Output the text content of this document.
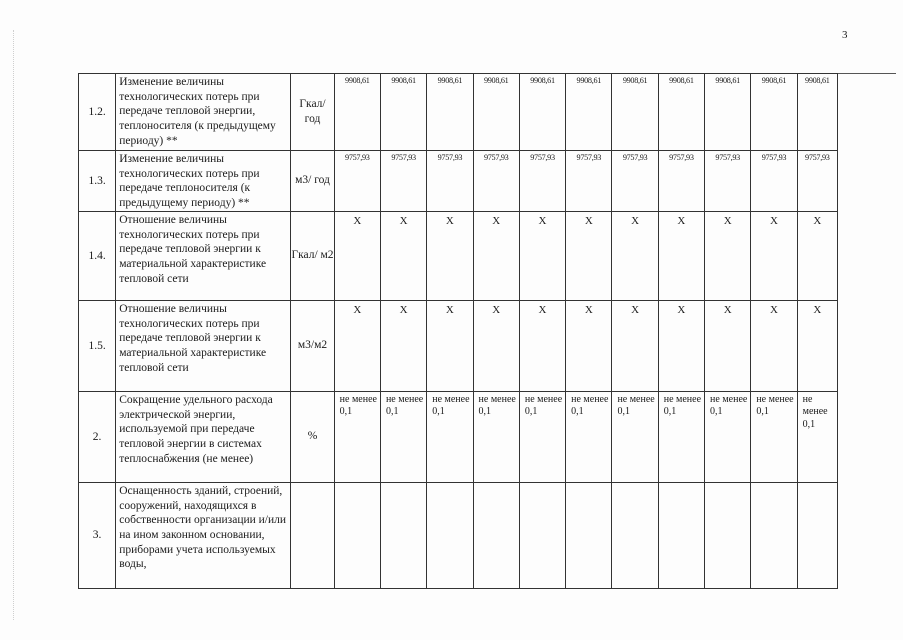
3
1.2.	Изменение величины технологических потерь при передаче тепловой энергии, теплоносителя (к предыдущему периоду) **	Гкал/ год	9908,61	9908,61	9908,61	9908,61	9908,61	9908,61	9908,61	9908,61	9908,61	9908,61	9908,61
1.3.	Изменение величины технологических потерь при передаче теплоносителя (к предыдущему периоду) **	м3/ год	9757,93	9757,93	9757,93	9757,93	9757,93	9757,93	9757,93	9757,93	9757,93	9757,93	9757,93
1.4.	Отношение величины технологических потерь при передаче тепловой энергии к материальной характеристике тепловой сети	Гкал/ м2	Х	Х	Х	Х	Х	Х	Х	Х	Х	Х	Х
1.5.	Отношение величины технологических потерь при передаче тепловой энергии к материальной характеристике тепловой сети	м3/м2	Х	Х	Х	Х	Х	Х	Х	Х	Х	Х	Х
2.	Сокращение удельного расхода электрической энергии, используемой при передаче тепловой энергии в системах теплоснабжения (не менее)	%	не менее 0,1	не менее 0,1	не менее 0,1	не менее 0,1	не менее 0,1	не менее 0,1	не менее 0,1	не менее 0,1	не менее 0,1	не менее 0,1	не менее 0,1
3.	Оснащенность зданий, строений, сооружений, находящихся в собственности организации и/или на ином законном основании, приборами учета используемых воды,												
